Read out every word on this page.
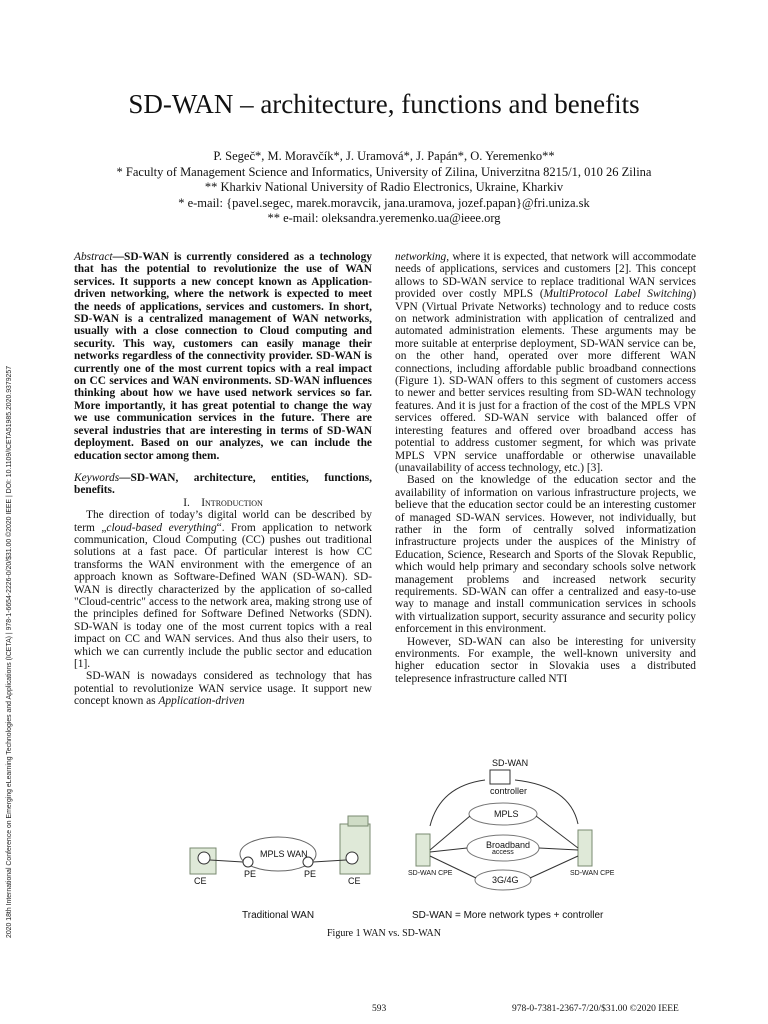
SD-WAN – architecture, functions and benefits
P. Segeč*, M. Moravčík*, J. Uramová*, J. Papán*, O. Yeremenko**
* Faculty of Management Science and Informatics, University of Zilina, Univerzitna 8215/1, 010 26 Zilina
** Kharkiv National University of Radio Electronics, Ukraine, Kharkiv
* e-mail: {pavel.segec, marek.moravcik, jana.uramova, jozef.papan}@fri.uniza.sk
** e-mail: oleksandra.yeremenko.ua@ieee.org
2020 18th International Conference on Emerging eLearning Technologies and Applications (ICETA) | 978-1-6654-2226-0/20/$31.00 ©2020 IEEE | DOI: 10.1109/ICETA51985.2020.9379257

Abstract—SD-WAN is currently considered as a technology that has the potential to revolutionize the use of WAN services. It supports a new concept known as Application-driven networking, where the network is expected to meet the needs of applications, services and customers. In short, SD-WAN is a centralized management of WAN networks, usually with a close connection to Cloud computing and security. This way, customers can easily manage their networks regardless of the connectivity provider. SD-WAN is currently one of the most current topics with a real impact on CC services and WAN environments. SD-WAN influences thinking about how we have used network services so far. More importantly, it has great potential to change the way we use communication services in the future. There are several industries that are interesting in terms of SD-WAN deployment. Based on our analyzes, we can include the education sector among them.

Keywords—SD-WAN, architecture, entities, functions, benefits.

I. Introduction

The direction of today’s digital world can be described by term „cloud-based everything“. From application to network communication, Cloud Computing (CC) pushes out traditional solutions at a fast pace. Of particular interest is how CC transforms the WAN environment with the emergence of an approach known as Software-Defined WAN (SD-WAN). SD-WAN is directly characterized by the application of so-called "Cloud-centric" access to the network area, making strong use of the principles defined for Software Defined Networks (SDN). SD-WAN is today one of the most current topics with a real impact on CC and WAN services. And thus also their users, to which we can currently include the public sector and education [1].

SD-WAN is nowadays considered as technology that has potential to revolutionize WAN service usage. It support new concept known as Application-driven

networking, where it is expected, that network will accommodate needs of applications, services and customers [2]. This concept allows to SD-WAN service to replace traditional WAN services provided over costly MPLS (MultiProtocol Label Switching) VPN (Virtual Private Networks) technology and to reduce costs on network administration with application of centralized and automated administration elements. These arguments may be more suitable at enterprise deployment, SD-WAN service can be, on the other hand, operated over more different WAN connections, including affordable public broadband connections (Figure 1). SD-WAN offers to this segment of customers access to newer and better services resulting from SD-WAN technology features. And it is just for a fraction of the cost of the MPLS VPN services offered. SD-WAN service with balanced offer of interesting features and offered over broadband access has potential to address customer segment, for which was private MPLS VPN service unaffordable or otherwise unavailable (unavailability of access technology, etc.) [3].

Based on the knowledge of the education sector and the availability of information on various infrastructure projects, we believe that the education sector could be an interesting customer of managed SD-WAN services. However, not individually, but rather in the form of centrally solved informatization infrastructure projects under the auspices of the Ministry of Education, Science, Research and Sports of the Slovak Republic, which would help primary and secondary schools solve network management problems and increased network security requirements. SD-WAN can offer a centralized and easy-to-use way to manage and install communication services in schools with virtualization support, security assurance and security policy enforcement in this environment.

However, SD-WAN can also be interesting for university environments. For example, the well-known university and higher education sector in Slovakia uses a distributed telepresence infrastructure called NTI

SD-WAN
controller
MPLS WAN
CE
PE	PE
CE
MPLS
Broadband
access
SD-WAN CPE	SD-WAN CPE
3G/4G
Traditional WAN	SD-WAN = More network types + controller
Figure 1 WAN vs. SD-WAN
593	978-0-7381-2367-7/20/$31.00 ©2020 IEEE
